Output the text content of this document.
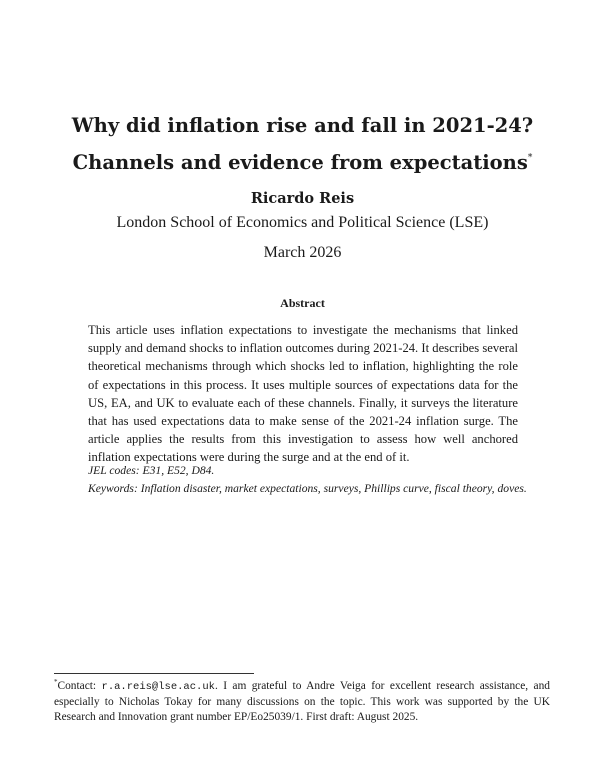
Why did inflation rise and fall in 2021-24?
Channels and evidence from expectations*
Ricardo Reis
London School of Economics and Political Science (LSE)
March 2026
Abstract
This article uses inflation expectations to investigate the mechanisms that linked supply and demand shocks to inflation outcomes during 2021-24. It describes several theoretical mechanisms through which shocks led to inflation, highlighting the role of expectations in this process. It uses multiple sources of expectations data for the US, EA, and UK to evaluate each of these channels. Finally, it surveys the literature that has used expectations data to make sense of the 2021-24 inflation surge. The article applies the results from this investigation to assess how well anchored inflation expectations were during the surge and at the end of it.
JEL codes: E31, E52, D84.
Keywords: Inflation disaster, market expectations, surveys, Phillips curve, fiscal theory, doves.
*Contact: r.a.reis@lse.ac.uk. I am grateful to Andre Veiga for excellent research assistance, and especially to Nicholas Tokay for many discussions on the topic. This work was supported by the UK Research and Innovation grant number EP/Eo25039/1. First draft: August 2025.
